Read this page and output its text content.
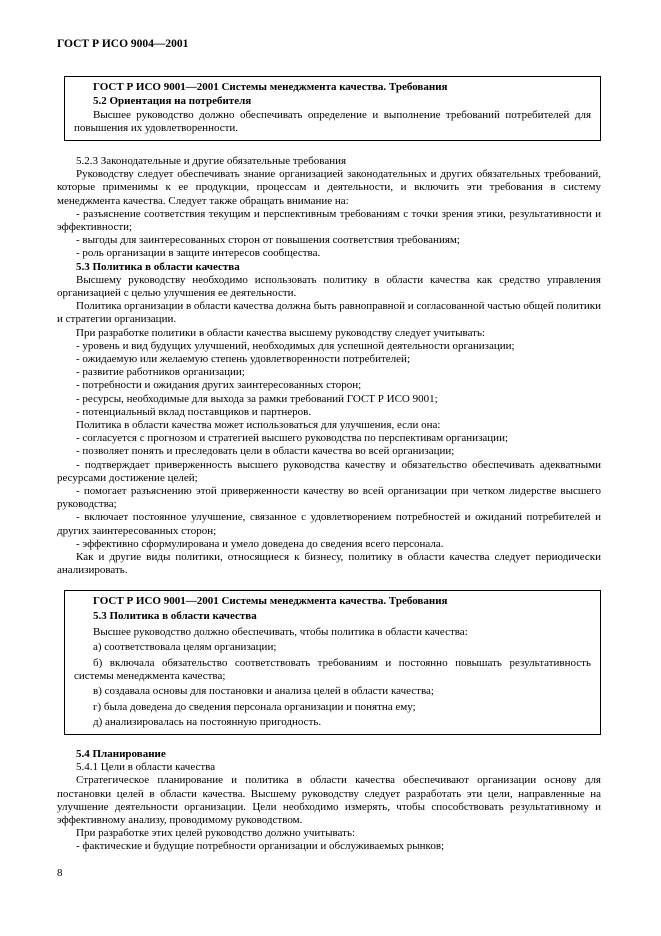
ГОСТ Р ИСО 9004—2001

ГОСТ Р ИСО 9001—2001 Системы менеджмента качества. Требования

5.2 Ориентация на потребителя

Высшее руководство должно обеспечивать определение и выполнение требований потребителей для повышения их удовлетворенности.

5.2.3 Законодательные и другие обязательные требования

Руководству следует обеспечивать знание организацией законодательных и других обязательных требований, которые применимы к ее продукции, процессам и деятельности, и включить эти требования в систему менеджмента качества. Следует также обращать внимание на:

- разъяснение соответствия текущим и перспективным требованиям с точки зрения этики, результативности и эффективности;

- выгоды для заинтересованных сторон от повышения соответствия требованиям;

- роль организации в защите интересов сообщества.

5.3 Политика в области качества

Высшему руководству необходимо использовать политику в области качества как средство управления организацией с целью улучшения ее деятельности.

Политика организации в области качества должна быть равноправной и согласованной частью общей политики и стратегии организации.

При разработке политики в области качества высшему руководству следует учитывать:

- уровень и вид будущих улучшений, необходимых для успешной деятельности организации;

- ожидаемую или желаемую степень удовлетворенности потребителей;

- развитие работников организации;

- потребности и ожидания других заинтересованных сторон;

- ресурсы, необходимые для выхода за рамки требований ГОСТ Р ИСО 9001;

- потенциальный вклад поставщиков и партнеров.

Политика в области качества может использоваться для улучшения, если она:

- согласуется с прогнозом и стратегией высшего руководства по перспективам организации;

- позволяет понять и преследовать цели в области качества во всей организации;

- подтверждает приверженность высшего руководства качеству и обязательство обеспечивать адекватными ресурсами достижение целей;

- помогает разъяснению этой приверженности качеству во всей организации при четком лидерстве высшего руководства;

- включает постоянное улучшение, связанное с удовлетворением потребностей и ожиданий потребителей и других заинтересованных сторон;

- эффективно сформулирована и умело доведена до сведения всего персонала.

Как и другие виды политики, относящиеся к бизнесу, политику в области качества следует периодически анализировать.

ГОСТ Р ИСО 9001—2001 Системы менеджмента качества. Требования

5.3 Политика в области качества

Высшее руководство должно обеспечивать, чтобы политика в области качества:

а) соответствовала целям организации;

б) включала обязательство соответствовать требованиям и постоянно повышать результативность системы менеджмента качества;

в) создавала основы для постановки и анализа целей в области качества;

г) была доведена до сведения персонала организации и понятна ему;

д) анализировалась на постоянную пригодность.

5.4 Планирование

5.4.1 Цели в области качества

Стратегическое планирование и политика в области качества обеспечивают организации основу для постановки целей в области качества. Высшему руководству следует разработать эти цели, направленные на улучшение деятельности организации. Цели необходимо измерять, чтобы способствовать результативному и эффективному анализу, проводимому руководством.

При разработке этих целей руководство должно учитывать:

- фактические и будущие потребности организации и обслуживаемых рынков;

8
